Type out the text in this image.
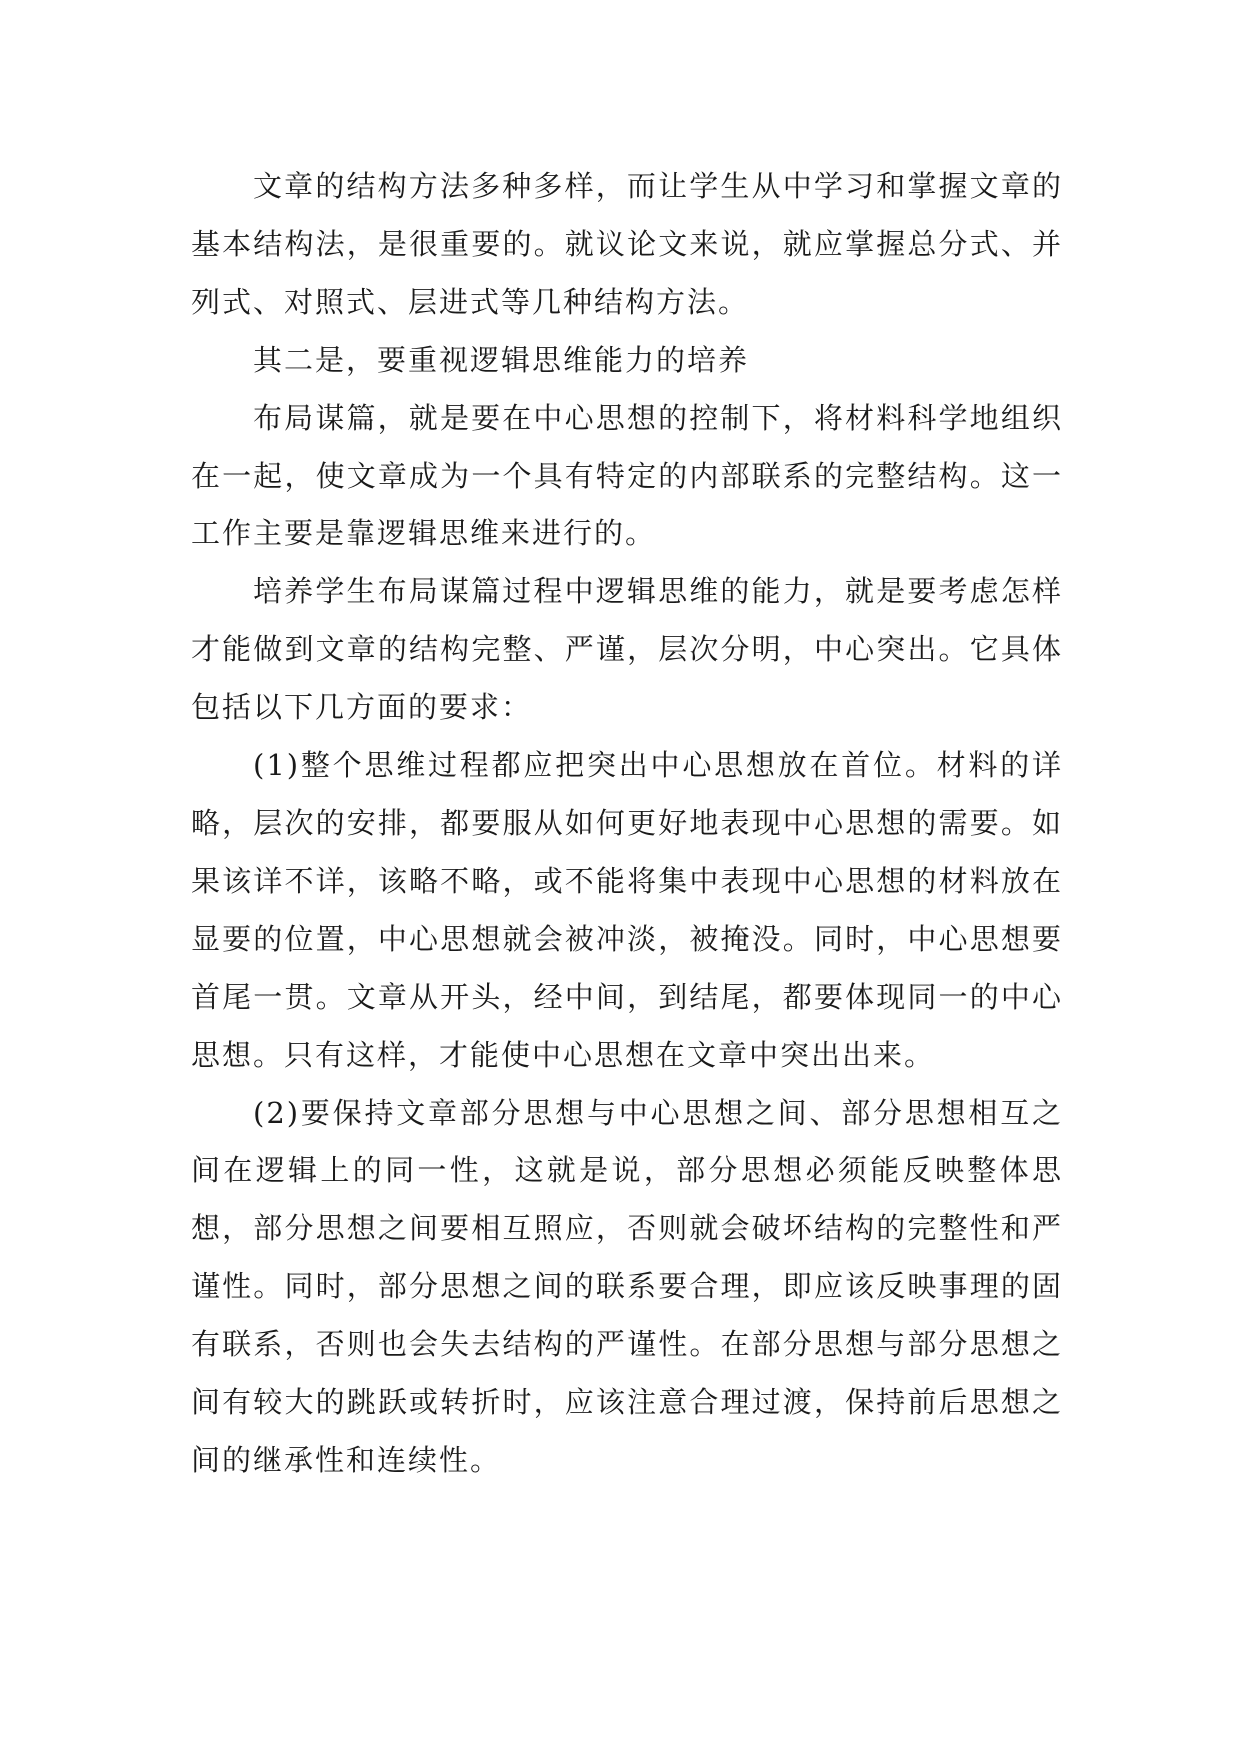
文章的结构方法多种多样，而让学生从中学习和掌握文章的基本结构法，是很重要的。就议论文来说，就应掌握总分式、并列式、对照式、层进式等几种结构方法。

其二是，要重视逻辑思维能力的培养

布局谋篇，就是要在中心思想的控制下，将材料科学地组织在一起，使文章成为一个具有特定的内部联系的完整结构。这一工作主要是靠逻辑思维来进行的。

培养学生布局谋篇过程中逻辑思维的能力，就是要考虑怎样才能做到文章的结构完整、严谨，层次分明，中心突出。它具体包括以下几方面的要求：

(1)整个思维过程都应把突出中心思想放在首位。材料的详略，层次的安排，都要服从如何更好地表现中心思想的需要。如果该详不详，该略不略，或不能将集中表现中心思想的材料放在显要的位置，中心思想就会被冲淡，被掩没。同时，中心思想要首尾一贯。文章从开头，经中间，到结尾，都要体现同一的中心思想。只有这样，才能使中心思想在文章中突出出来。

(2)要保持文章部分思想与中心思想之间、部分思想相互之间在逻辑上的同一性，这就是说，部分思想必须能反映整体思想，部分思想之间要相互照应，否则就会破坏结构的完整性和严谨性。同时，部分思想之间的联系要合理，即应该反映事理的固有联系，否则也会失去结构的严谨性。在部分思想与部分思想之间有较大的跳跃或转折时，应该注意合理过渡，保持前后思想之间的继承性和连续性。
